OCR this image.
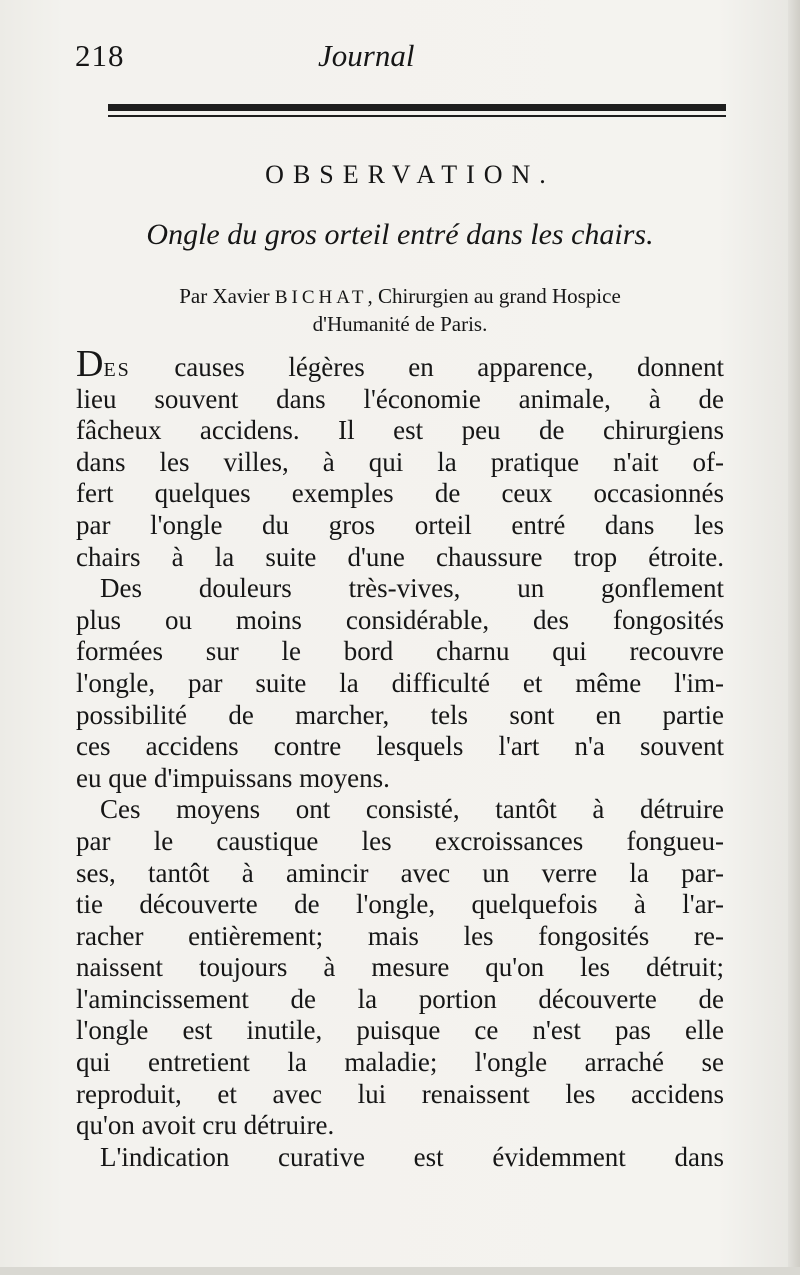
218	Journal
OBSERVATION.
Ongle du gros orteil entré dans les chairs.
Par Xavier BICHAT, Chirurgien au grand Hospice
d'Humanité de Paris.
DES causes légères en apparence, donnent
lieu souvent dans l'économie animale, à de
fâcheux accidens. Il est peu de chirurgiens
dans les villes, à qui la pratique n'ait of-
fert quelques exemples de ceux occasionnés
par l'ongle du gros orteil entré dans les
chairs à la suite d'une chaussure trop étroite.
Des douleurs très-vives, un gonflement
plus ou moins considérable, des fongosités
formées sur le bord charnu qui recouvre
l'ongle, par suite la difficulté et même l'im-
possibilité de marcher, tels sont en partie
ces accidens contre lesquels l'art n'a souvent
eu que d'impuissans moyens.
Ces moyens ont consisté, tantôt à détruire
par le caustique les excroissances fongueu-
ses, tantôt à amincir avec un verre la par-
tie découverte de l'ongle, quelquefois à l'ar-
racher entièrement; mais les fongosités re-
naissent toujours à mesure qu'on les détruit;
l'amincissement de la portion découverte de
l'ongle est inutile, puisque ce n'est pas elle
qui entretient la maladie; l'ongle arraché se
reproduit, et avec lui renaissent les accidens
qu'on avoit cru détruire.
L'indication curative est évidemment dans
